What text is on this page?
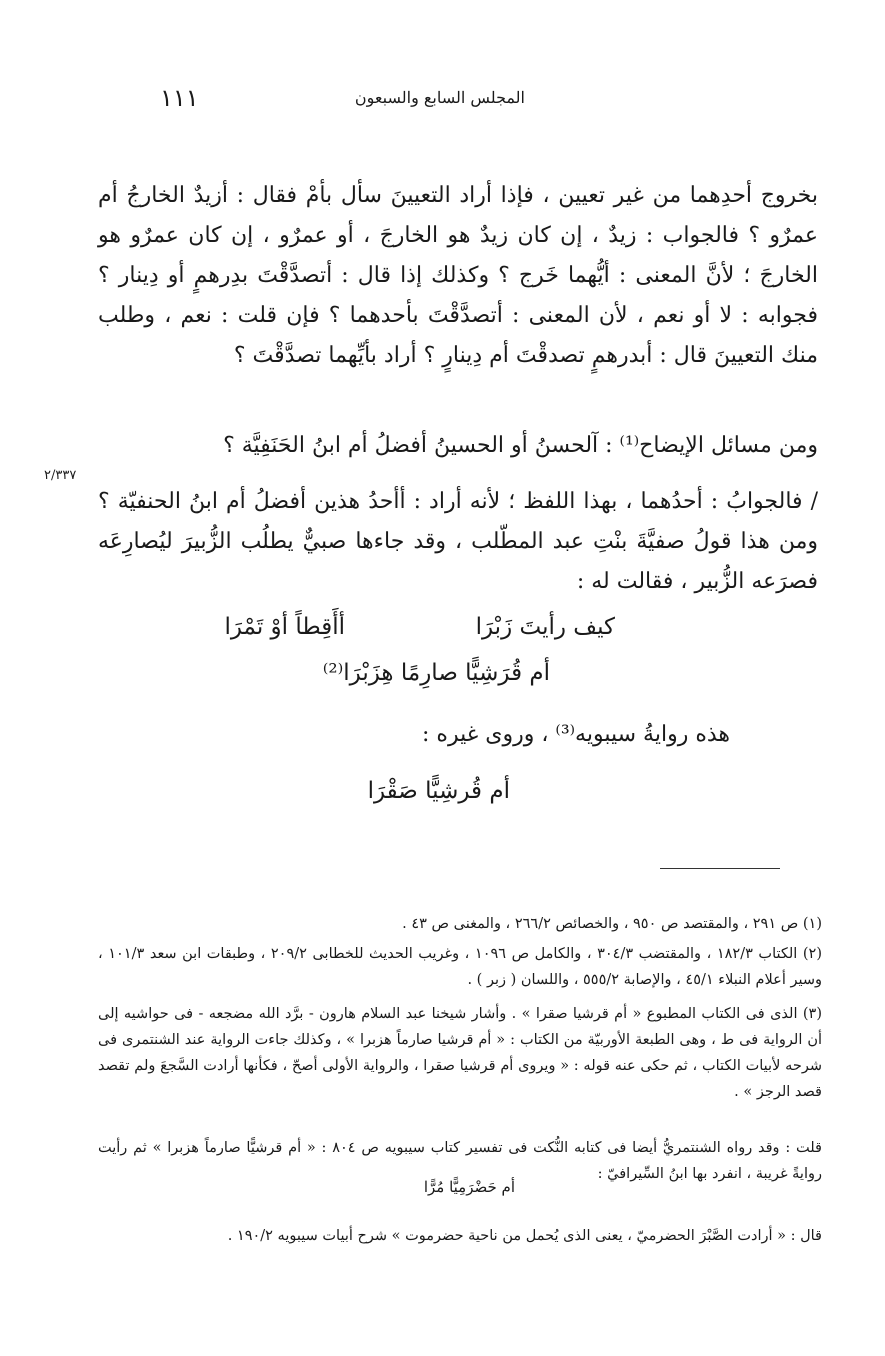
١١١	المجلس السابع والسبعون

بخروج أحدِهما من غير تعيين ، فإذا أراد التعيينَ سأل بأمْ فقال : أزيدٌ الخارجُ أم عمرٌو ؟ فالجواب : زيدٌ ، إن كان زيدٌ هو الخارجَ ، أو عمرٌو ، إن كان عمرٌو هو الخارجَ ؛ لأنَّ المعنى : أيُّهما خَرج ؟ وكذلك إذا قال : أتصدَّقْتَ بدِرهمٍ أو دِينار ؟ فجوابه : لا أو نعم ، لأن المعنى : أتصدَّقْتَ بأحدهما ؟ فإن قلت : نعم ، وطلب منك التعيينَ قال : أبدرهمٍ تصدقْتَ أم دِينارٍ ؟ أراد بأيِّهما تصدَّقْتَ ؟

ومن مسائل الإيضاح⁽¹⁾ : آلحسنُ أو الحسينُ أفضلُ أم ابنُ الحَنَفِيَّة ؟

٢/٣٣٧

/ فالجوابُ : أحدُهما ، بهذا اللفظ ؛ لأنه أراد : أأحدُ هذين أفضلُ أم ابنُ الحنفيّة ؟ ومن هذا قولُ صفيَّةَ بنْتِ عبد المطّلب ، وقد جاءها صبيٌّ يطلُب الزُّبيرَ ليُصارِعَه فصرَعه الزُّبير ، فقالت له :

كيف رأيتَ زَبْرَا
أأَقِطاً أوْ تَمْرَا
أم قُرَشِيًّا صارِمًا هِزَبْرَا⁽²⁾
هذه روايةُ سيبويه⁽³⁾ ، وروى غيره :
أم قُرشِيًّا صَقْرَا

(١) ص ٢٩١ ، والمقتصد ص ٩٥٠ ، والخصائص ٢٦٦/٢ ، والمغنى ص ٤٣ .

(٢) الكتاب ١٨٢/٣ ، والمقتضب ٣٠٤/٣ ، والكامل ص ١٠٩٦ ، وغريب الحديث للخطابى ٢٠٩/٢ ، وطبقات ابن سعد ١٠١/٣ ، وسير أعلام النبلاء ٤٥/١ ، والإصابة ٥٥٥/٢ ، واللسان ( زبر ) .

(٣) الذى فى الكتاب المطبوع « أم قرشيا صقرا » . وأشار شيخنا عبد السلام هارون - برَّد الله مضجعه - فى حواشيه إلى أن الرواية فى ط ، وهى الطبعة الأوربيّة من الكتاب : « أم قرشيا صارماً هزبرا » ، وكذلك جاءت الرواية عند الشنتمرى فى شرحه لأبيات الكتاب ، ثم حكى عنه قوله : « ويروى أم قرشيا صقرا ، والرواية الأولى أصحّ ، فكأنها أرادت السَّجعَ ولم تقصد قصد الرجز » .

قلت : وقد رواه الشنتمريُّ أيضا فى كتابه النُّكت فى تفسير كتاب سيبويه ص ٨٠٤ : « أم قرشيًّا صارماً هزبرا » ثم رأيت روايةً غريبة ، انفرد بها ابنُ السِّيرافيّ :

أم حَضْرَمِيًّا مُرًّا

قال : « أرادت الصَّبْرَ الحضرميّ ، يعنى الذى يُحمل من ناحية حضرموت » شرح أبيات سيبويه ١٩٠/٢ .
